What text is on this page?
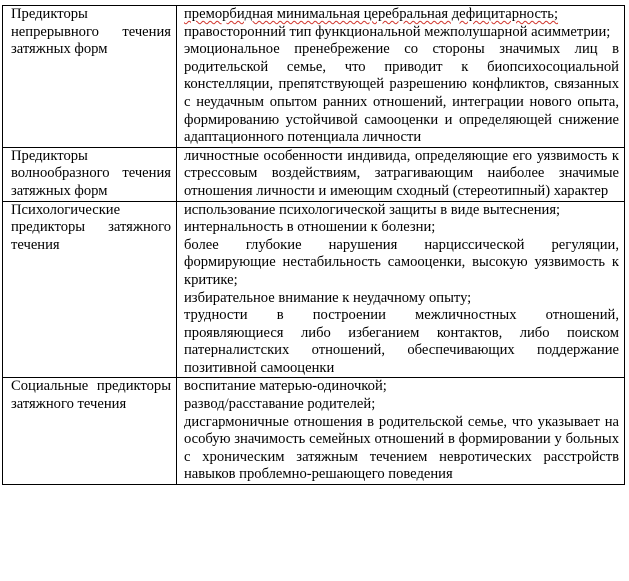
Предикторы непрерывного течения затяжных форм	преморбидная минимальная церебральная дефицитарность;
правосторонний тип функциональной межполушарной асимметрии;
эмоциональное пренебрежение со стороны значимых лиц в родительской семье, что приводит к биопсихосоциальной констелляции, препятствующей разрешению конфликтов, связанных с неудачным опытом ранних отношений, интеграции нового опыта, формированию устойчивой самооценки и определяющей снижение адаптационного потенциала личности

Предикторы волнообразного течения затяжных форм	личностные особенности индивида, определяющие его уязвимость к стрессовым воздействиям, затрагивающим наиболее значимые отношения личности и имеющим сходный (стереотипный) характер

Психологические предикторы затяжного течения	использование психологической защиты в виде вытеснения;
интернальность в отношении к болезни;
более глубокие нарушения нарциссической регуляции, формирующие нестабильность самооценки, высокую уязвимость к критике;
избирательное внимание к неудачному опыту;
трудности в построении межличностных отношений, проявляющиеся либо избеганием контактов, либо поиском патерналистских отношений, обеспечивающих поддержание позитивной самооценки

Социальные предикторы затяжного течения	воспитание матерью-одиночкой;
развод/расставание родителей;
дисгармоничные отношения в родительской семье, что указывает на особую значимость семейных отношений в формировании у больных с хроническим затяжным течением невротических расстройств навыков проблемно-решающего поведения
